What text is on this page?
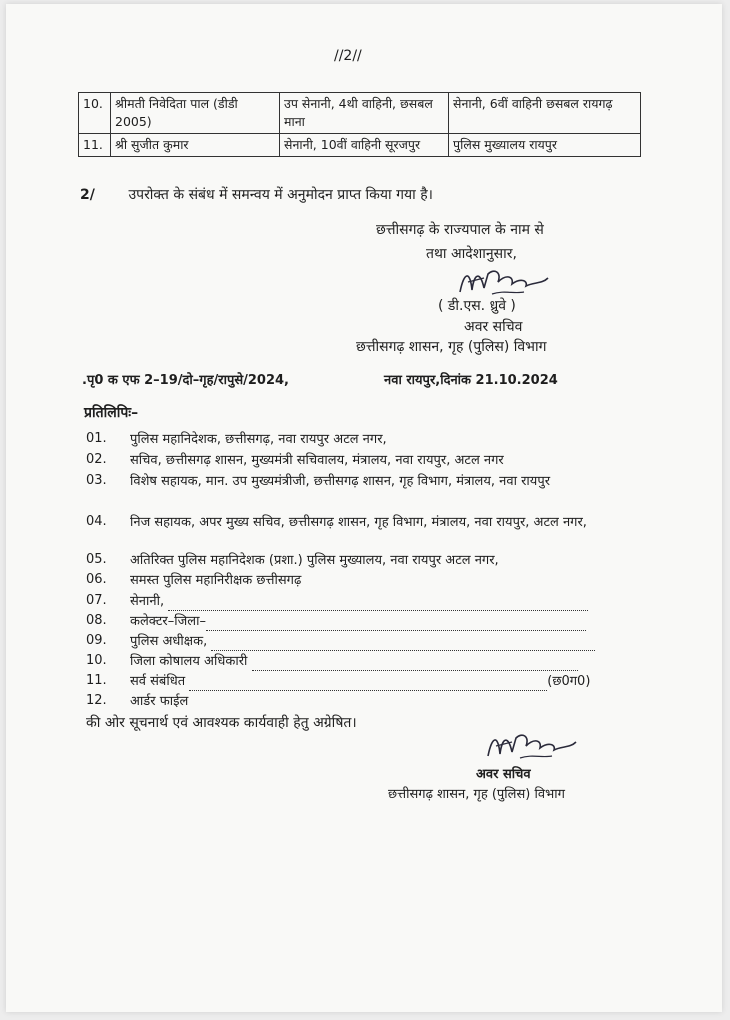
//2//
10.	श्रीमती निवेदिता पाल (डीडी 2005)	उप सेनानी, 4थी वाहिनी, छसबल माना	सेनानी, 6वीं वाहिनी छसबल रायगढ़
11.	श्री सुजीत कुमार	सेनानी, 10वीं वाहिनी सूरजपुर	पुलिस मुख्यालय रायपुर
2/ उपरोक्त के संबंध में समन्वय में अनुमोदन प्राप्त किया गया है।
छत्तीसगढ़ के राज्यपाल के नाम से
तथा आदेशानुसार,
( डी.एस. ध्रुवे )
अवर सचिव
छत्तीसगढ़ शासन, गृह (पुलिस) विभाग
.पृ0 क एफ 2–19/दो–गृह/रापुसे/2024,	नवा रायपुर,दिनांक 21.10.2024
प्रतिलिपिः–
01.	पुलिस महानिदेशक, छत्तीसगढ़, नवा रायपुर अटल नगर,
02.	सचिव, छत्तीसगढ़ शासन, मुख्यमंत्री सचिवालय, मंत्रालय, नवा रायपुर, अटल नगर
03.	विशेष सहायक, मान. उप मुख्यमंत्रीजी, छत्तीसगढ़ शासन, गृह विभाग, मंत्रालय, नवा रायपुर
04.	निज सहायक, अपर मुख्य सचिव, छत्तीसगढ़ शासन, गृह विभाग, मंत्रालय, नवा रायपुर, अटल नगर,
05.	अतिरिक्त पुलिस महानिदेशक (प्रशा.) पुलिस मुख्यालय, नवा रायपुर अटल नगर,
06.	समस्त पुलिस महानिरीक्षक छत्तीसगढ़
07.	सेनानी,
08.	कलेक्टर–जिला–
09.	पुलिस अधीक्षक,
10.	जिला कोषालय अधिकारी
11.	सर्व संबंधित	(छ0ग0)
12.	आर्डर फाईल
की ओर सूचनार्थ एवं आवश्यक कार्यवाही हेतु अग्रेषित।
अवर सचिव
छत्तीसगढ़ शासन, गृह (पुलिस) विभाग
